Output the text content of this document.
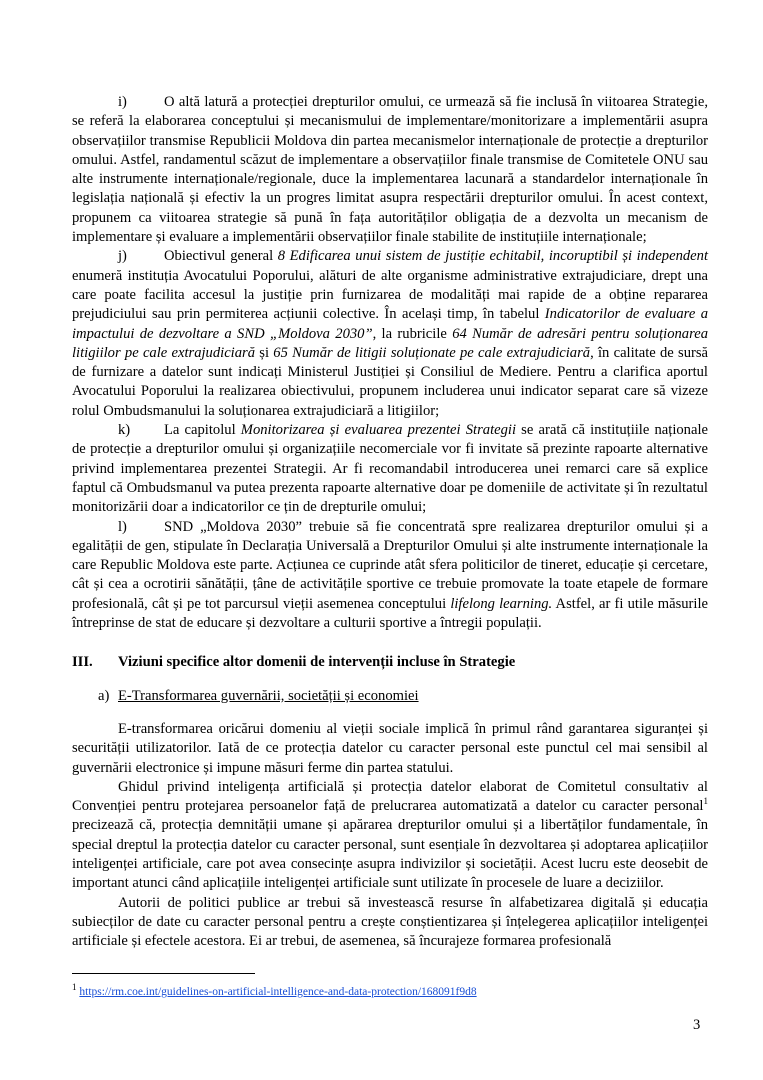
i)	O altă latură a protecției drepturilor omului, ce urmează să fie inclusă în viitoarea Strategie, se referă la elaborarea conceptului și mecanismului de implementare/monitorizare a implementării asupra observațiilor transmise Republicii Moldova din partea mecanismelor internaționale de protecție a drepturilor omului. Astfel, randamentul scăzut de implementare a observațiilor finale transmise de Comitetele ONU sau alte instrumente internaționale/regionale, duce la implementarea lacunară a standardelor internaționale în legislația națională și efectiv la un progres limitat asupra respectării drepturilor omului. În acest context, propunem ca viitoarea strategie să pună în fața autorităților obligația de a dezvolta un mecanism de implementare și evaluare a implementării observațiilor finale stabilite de instituțiile internaționale;

j)	Obiectivul general 8 Edificarea unui sistem de justiție echitabil, incoruptibil și independent enumeră instituția Avocatului Poporului, alături de alte organisme administrative extrajudiciare, drept una care poate facilita accesul la justiție prin furnizarea de modalități mai rapide de a obține repararea prejudiciului sau prin permiterea acțiunii colective. În același timp, în tabelul Indicatorilor de evaluare a impactului de dezvoltare a SND „Moldova 2030”, la rubricile 64 Număr de adresări pentru soluționarea litigiilor pe cale extrajudiciară și 65 Număr de litigii soluționate pe cale extrajudiciară, în calitate de sursă de furnizare a datelor sunt indicați Ministerul Justiției și Consiliul de Mediere. Pentru a clarifica aportul Avocatului Poporului la realizarea obiectivului, propunem includerea unui indicator separat care să vizeze rolul Ombudsmanului la soluționarea extrajudiciară a litigiilor;

k) La capitolul Monitorizarea și evaluarea prezentei Strategii se arată că instituțiile naționale de protecție a drepturilor omului și organizațiile necomerciale vor fi invitate să prezinte rapoarte alternative privind implementarea prezentei Strategii. Ar fi recomandabil introducerea unei remarci care să explice faptul că Ombudsmanul va putea prezenta rapoarte alternative doar pe domeniile de activitate și în rezultatul monitorizării doar a indicatorilor ce țin de drepturile omului;

l)	SND „Moldova 2030” trebuie să fie concentrată spre realizarea drepturilor omului și a egalității de gen, stipulate în Declarația Universală a Drepturilor Omului și alte instrumente internaționale la care Republic Moldova este parte. Acțiunea ce cuprinde atât sfera politicilor de tineret, educație și cercetare, cât și cea a ocrotirii sănătății, țâne de activitățile sportive ce trebuie promovate la toate etapele de formare profesională, cât și pe tot parcursul vieții asemenea conceptului lifelong learning. Astfel, ar fi utile măsurile întreprinse de stat de educare și dezvoltare a culturii sportive a întregii populații.

III.	Viziuni specifice altor domenii de intervenții incluse în Strategie
a) E-Transformarea guvernării, societății și economiei

E-transformarea oricărui domeniu al vieții sociale implică în primul rând garantarea siguranței și securității utilizatorilor. Iată de ce protecția datelor cu caracter personal este punctul cel mai sensibil al guvernării electronice și impune măsuri ferme din partea statului.

Ghidul privind inteligența artificială și protecția datelor elaborat de Comitetul consultativ al Convenției pentru protejarea persoanelor față de prelucrarea automatizată a datelor cu caracter personal$^1$ precizează că, protecția demnității umane și apărarea drepturilor omului și a libertăților fundamentale, în special dreptul la protecția datelor cu caracter personal, sunt esențiale în dezvoltarea și adoptarea aplicațiilor inteligenței artificiale, care pot avea consecințe asupra indivizilor și societății. Acest lucru este deosebit de important atunci când aplicațiile inteligenței artificiale sunt utilizate în procesele de luare a deciziilor.

Autorii de politici publice ar trebui să investească resurse în alfabetizarea digitală și educația subiecților de date cu caracter personal pentru a crește conștientizarea și înțelegerea aplicațiilor inteligenței artificiale și efectele acestora. Ei ar trebui, de asemenea, să încurajeze formarea profesională

$^1$ https://rm.coe.int/guidelines-on-artificial-intelligence-and-data-protection/168091f9d8
3
